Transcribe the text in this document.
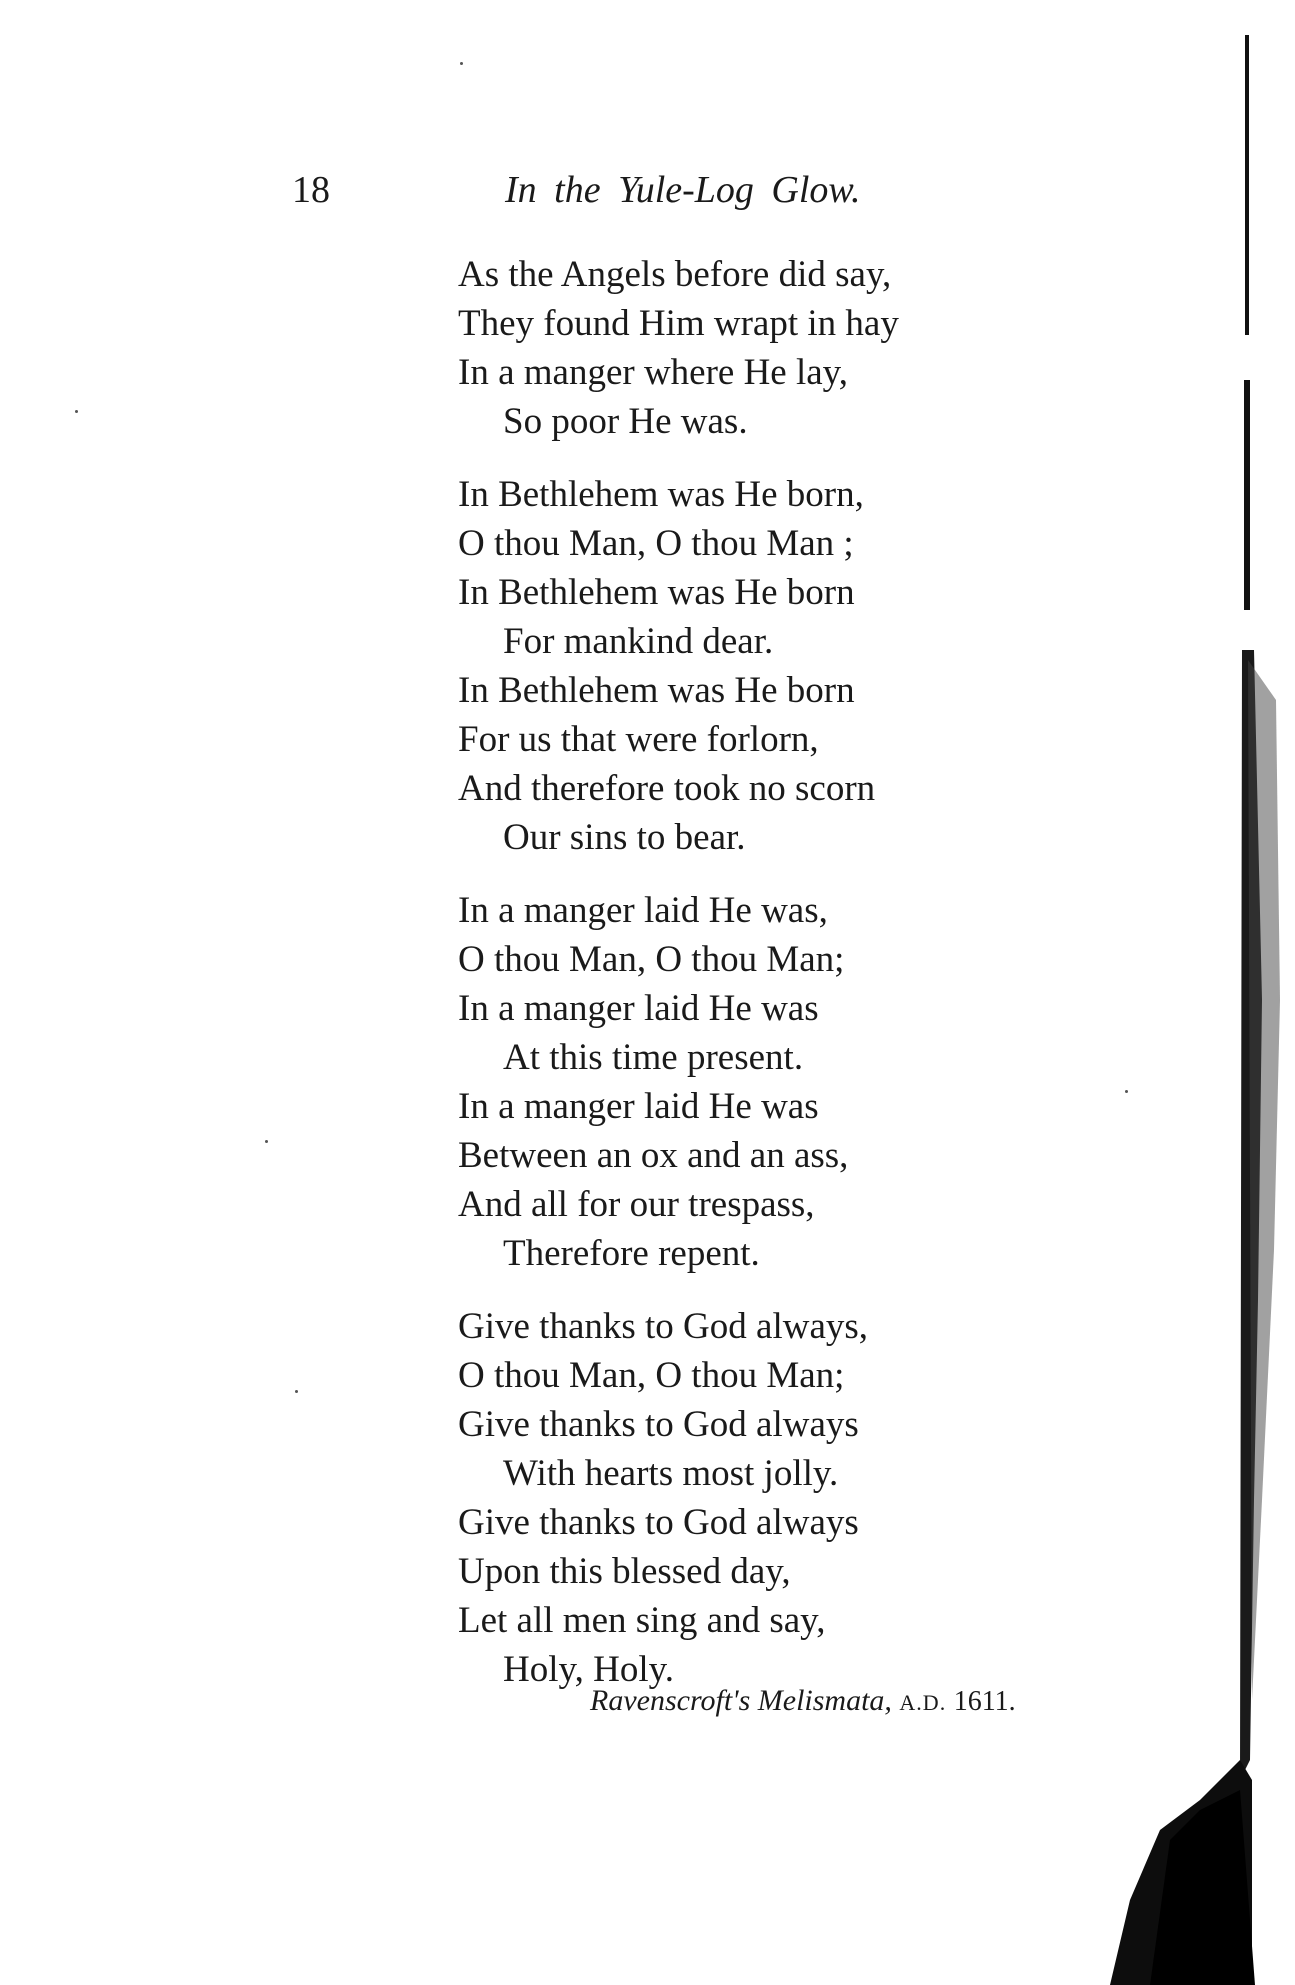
18	In the Yule-Log Glow.
As the Angels before did say,
They found Him wrapt in hay
In a manger where He lay,
So poor He was.
In Bethlehem was He born,
O thou Man, O thou Man ;
In Bethlehem was He born
For mankind dear.
In Bethlehem was He born
For us that were forlorn,
And therefore took no scorn
Our sins to bear.
In a manger laid He was,
O thou Man, O thou Man;
In a manger laid He was
At this time present.
In a manger laid He was
Between an ox and an ass,
And all for our trespass,
Therefore repent.
Give thanks to God always,
O thou Man, O thou Man;
Give thanks to God always
With hearts most jolly.
Give thanks to God always
Upon this blessed day,
Let all men sing and say,
Holy, Holy.
Ravenscroft's Melismata, A.D. 1611.
